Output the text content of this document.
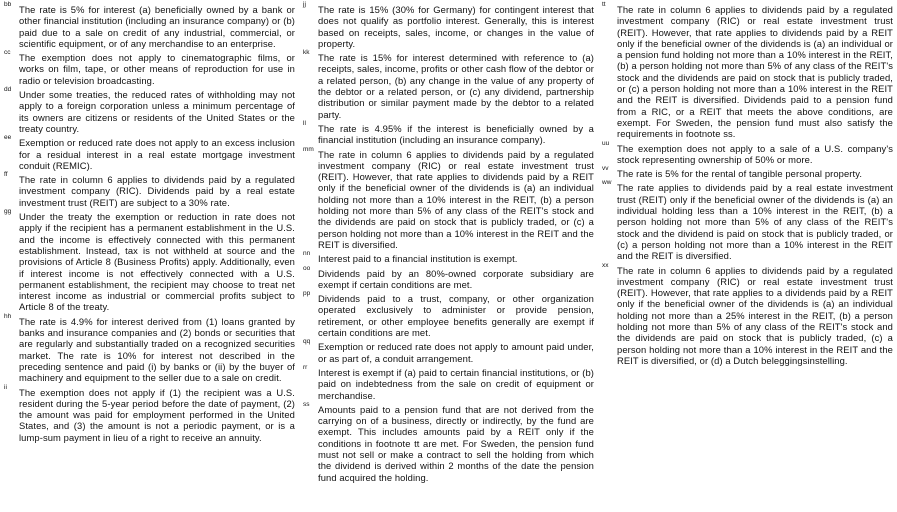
bb The rate is 5% for interest (a) beneficially owned by a bank or other financial institution (including an insurance company) or (b) paid due to a sale on credit of any industrial, commercial, or scientific equipment, or of any merchandise to an enterprise.
cc The exemption does not apply to cinematographic films, or works on film, tape, or other means of reproduction for use in radio or television broadcasting.
dd Under some treaties, the reduced rates of withholding may not apply to a foreign corporation unless a minimum percentage of its owners are citizens or residents of the United States or the treaty country.
ee Exemption or reduced rate does not apply to an excess inclusion for a residual interest in a real estate mortgage investment conduit (REMIC).
ff The rate in column 6 applies to dividends paid by a regulated investment company (RIC). Dividends paid by a real estate investment trust (REIT) are subject to a 30% rate.
gg Under the treaty the exemption or reduction in rate does not apply if the recipient has a permanent establishment in the U.S. and the income is effectively connected with this permanent establishment. Instead, tax is not withheld at source and the provisions of Article 8 (Business Profits) apply. Additionally, even if interest income is not effectively connected with a U.S. permanent establishment, the recipient may choose to treat net interest income as industrial or commercial profits subject to Article 8 of the treaty.
hh The rate is 4.9% for interest derived from (1) loans granted by banks and insurance companies and (2) bonds or securities that are regularly and substantially traded on a recognized securities market. The rate is 10% for interest not described in the preceding sentence and paid (i) by banks or (ii) by the buyer of machinery and equipment to the seller due to a sale on credit.
ii The exemption does not apply if (1) the recipient was a U.S. resident during the 5-year period before the date of payment, (2) the amount was paid for employment performed in the United States, and (3) the amount is not a periodic payment, or is a lump-sum payment in lieu of a right to receive an annuity.
jj The rate is 15% (30% for Germany) for contingent interest that does not qualify as portfolio interest. Generally, this is interest based on receipts, sales, income, or changes in the value of property.
kk The rate is 15% for interest determined with reference to (a) receipts, sales, income, profits or other cash flow of the debtor or a related person, (b) any change in the value of any property of the debtor or a related person, or (c) any dividend, partnership distribution or similar payment made by the debtor to a related party.
ll The rate is 4.95% if the interest is beneficially owned by a financial institution (including an insurance company).
mm The rate in column 6 applies to dividends paid by a regulated investment company (RIC) or real estate investment trust (REIT). However, that rate applies to dividends paid by a REIT only if the beneficial owner of the dividends is (a) an individual holding not more than a 10% interest in the REIT, (b) a person holding not more than 5% of any class of the REIT's stock and the dividends are paid on stock that is publicly traded, or (c) a person holding not more than a 10% interest in the REIT and the REIT is diversified.
nn Interest paid to a financial institution is exempt.
oo Dividends paid by an 80%-owned corporate subsidiary are exempt if certain conditions are met.
pp Dividends paid to a trust, company, or other organization operated exclusively to administer or provide pension, retirement, or other employee benefits generally are exempt if certain conditions are met.
qq Exemption or reduced rate does not apply to amount paid under, or as part of, a conduit arrangement.
rr Interest is exempt if (a) paid to certain financial institutions, or (b) paid on indebtedness from the sale on credit of equipment or merchandise.
ss Amounts paid to a pension fund that are not derived from the carrying on of a business, directly or indirectly, by the fund are exempt. This includes amounts paid by a REIT only if the conditions in footnote tt are met. For Sweden, the pension fund must not sell or make a contract to sell the holding from which the dividend is derived within 2 months of the date the pension fund acquired the holding.
tt The rate in column 6 applies to dividends paid by a regulated investment company (RIC) or real estate investment trust (REIT). However, that rate applies to dividends paid by a REIT only if the beneficial owner of the dividends is (a) an individual or a pension fund holding not more than a 10% interest in the REIT, (b) a person holding not more than 5% of any class of the REIT's stock and the dividends are paid on stock that is publicly traded, or (c) a person holding not more than a 10% interest in the REIT and the REIT is diversified. Dividends paid to a pension fund from a RIC, or a REIT that meets the above conditions, are exempt. For Sweden, the pension fund must also satisfy the requirements in footnote ss.
uu The exemption does not apply to a sale of a U.S. company's stock representing ownership of 50% or more.
vv The rate is 5% for the rental of tangible personal property.
ww The rate applies to dividends paid by a real estate investment trust (REIT) only if the beneficial owner of the dividends is (a) an individual holding less than a 10% interest in the REIT, (b) a person holding not more than 5% of any class of the REIT's stock and the dividend is paid on stock that is publicly traded, or (c) a person holding not more than a 10% interest in the REIT and the REIT is diversified.
xx The rate in column 6 applies to dividends paid by a regulated investment company (RIC) or real estate investment trust (REIT). However, that rate applies to a dividends paid by a REIT only if the beneficial owner of the dividends is (a) an individual holding not more than a 25% interest in the REIT, (b) a person holding not more than 5% of any class of the REIT's stock and the dividends are paid on stock that is publicly traded, (c) a person holding not more than a 10% interest in the REIT and the REIT is diversified, or (d) a Dutch beleggingsinstelling.
